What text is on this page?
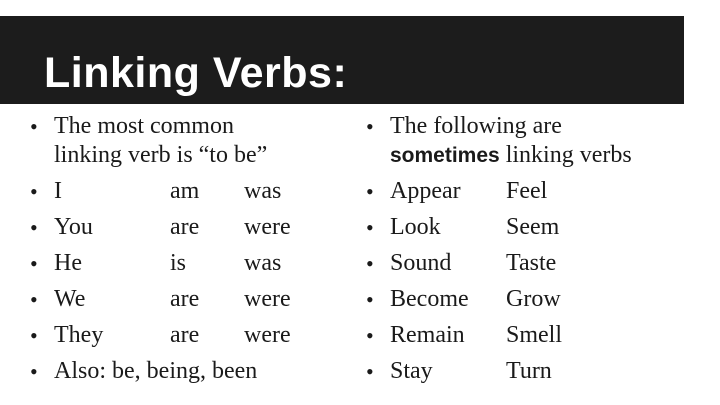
Linking Verbs:
• The most common
linking verb is “to be”
• I	am was
• You	are were
• He	is was
• We	are were
• They	are were
• Also: be, being, been
• The following are
sometimes linking verbs
• Appear Feel
• Look	Seem
• Sound Taste
• Become Grow
• Remain Smell
• Stay	Turn
